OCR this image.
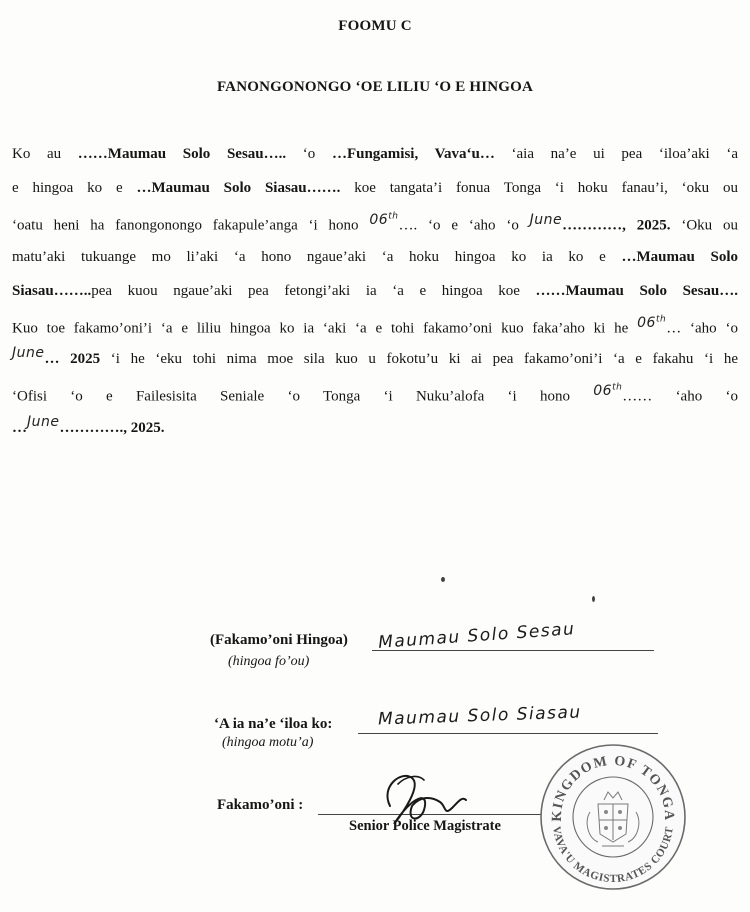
FOOMU C
FANONGONONGO ‘OE LILIU ‘O E HINGOA
Ko au ……Maumau Solo Sesau….. ‘o …Fungamisi, Vava‘u… ‘aia na’e ui pea ‘iloa’aki ‘a
e hingoa ko e …Maumau Solo Siasau……. koe tangata’i fonua Tonga ‘i hoku fanau’i, ‘oku ou
‘oatu heni ha fanongonongo fakapule’anga ‘i hono 06th…. ‘o e ‘aho ‘o June…………, 2025. ‘Oku ou
matu’aki tukuange mo li’aki ‘a hono ngaue’aki ‘a hoku hingoa ko ia ko e …Maumau Solo
Siasau……..pea kuou ngaue’aki pea fetongi’aki ia ‘a e hingoa koe ……Maumau Solo Sesau….
Kuo toe fakamo’oni’i ‘a e liliu hingoa ko ia ‘aki ‘a e tohi fakamo’oni kuo faka’aho ki he 06th… ‘aho ‘o
June… 2025 ‘i he ‘eku tohi nima moe sila kuo u fokotu’u ki ai pea fakamo’oni’i ‘a e fakahu ‘i he
‘Ofisi ‘o e Failesisita Seniale ‘o Tonga ‘i Nuku’alofa ‘i hono 06th…… ‘aho ‘o
…June…………., 2025.
(Fakamo’oni Hingoa) Maumau Solo Sesau
(hingoa fo’ou)
‘A ia na’e ‘iloa ko:	Maumau Solo Siasau
(hingoa motu’a)
Fakamo’oni :
Senior Police Magistrate
KINGDOM OF TONGA
VAVA'U MAGISTRATES COURT
